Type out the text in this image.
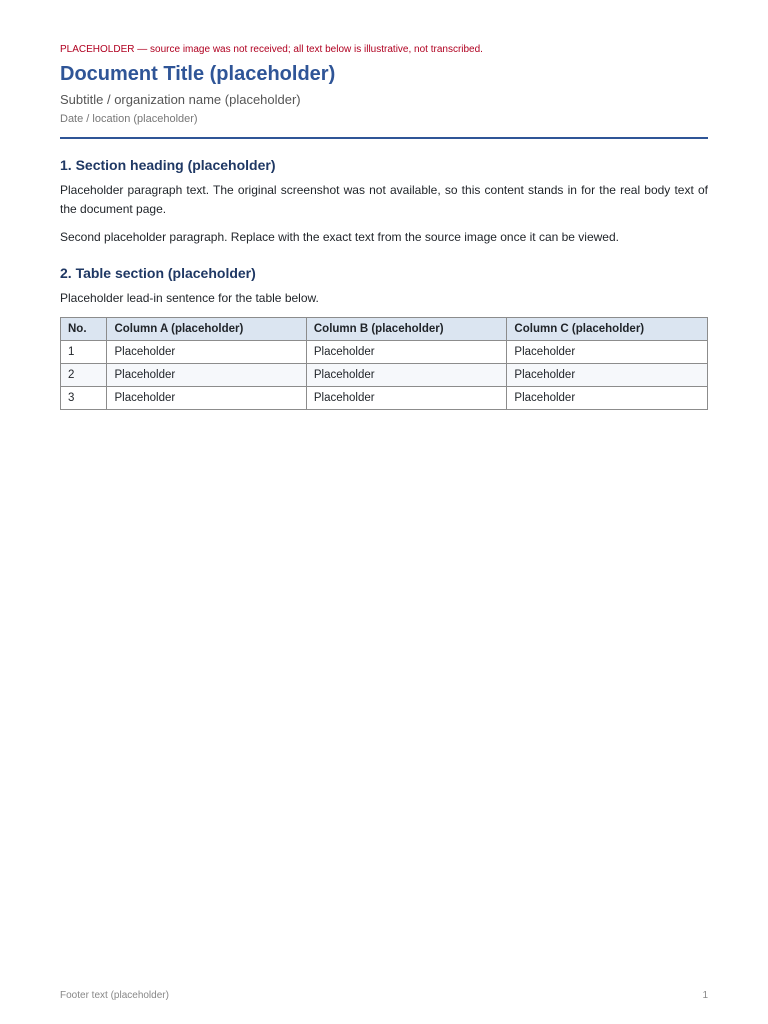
PLACEHOLDER — source image was not received; all text below is illustrative, not transcribed.
Document Title (placeholder)

Subtitle / organization name (placeholder)

Date / location (placeholder)
1. Section heading (placeholder)

Placeholder paragraph text. The original screenshot was not available, so this content stands in for the real body text of the document page.

Second placeholder paragraph. Replace with the exact text from the source image once it can be viewed.

2. Table section (placeholder)

Placeholder lead-in sentence for the table below.

No.	Column A (placeholder)	Column B (placeholder)	Column C (placeholder)
1	Placeholder	Placeholder	Placeholder
2	Placeholder	Placeholder	Placeholder
3	Placeholder	Placeholder	Placeholder
Footer text (placeholder)	1
